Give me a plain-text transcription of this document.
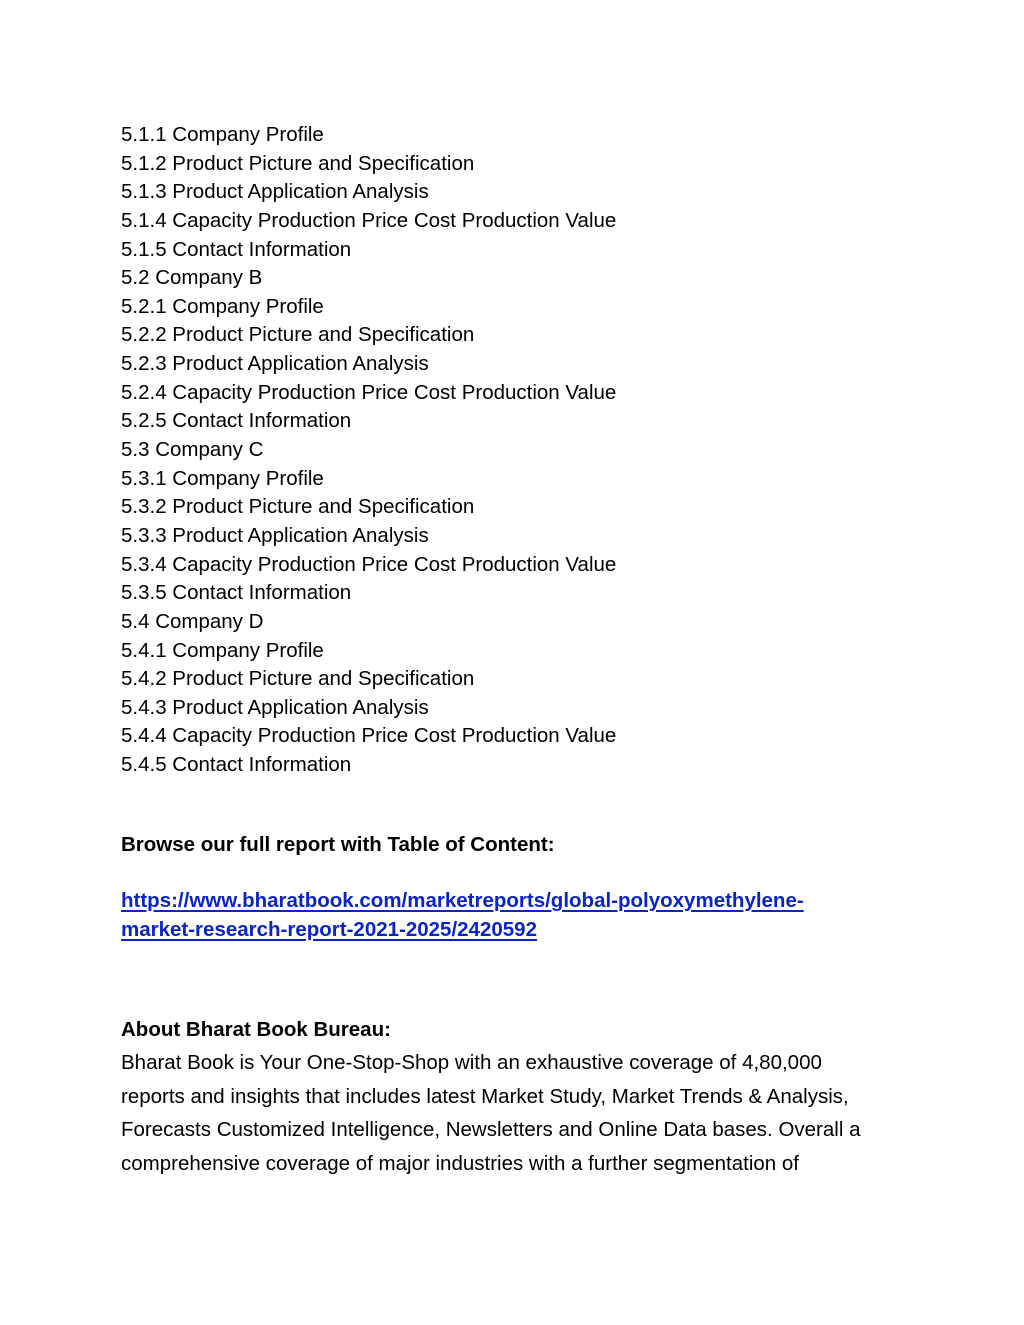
5.1.1 Company Profile
5.1.2 Product Picture and Specification
5.1.3 Product Application Analysis
5.1.4 Capacity Production Price Cost Production Value
5.1.5 Contact Information
5.2 Company B
5.2.1 Company Profile
5.2.2 Product Picture and Specification
5.2.3 Product Application Analysis
5.2.4 Capacity Production Price Cost Production Value
5.2.5 Contact Information
5.3 Company C
5.3.1 Company Profile
5.3.2 Product Picture and Specification
5.3.3 Product Application Analysis
5.3.4 Capacity Production Price Cost Production Value
5.3.5 Contact Information
5.4 Company D
5.4.1 Company Profile
5.4.2 Product Picture and Specification
5.4.3 Product Application Analysis
5.4.4 Capacity Production Price Cost Production Value
5.4.5 Contact Information
Browse our full report with Table of Content:
https://www.bharatbook.com/marketreports/global-polyoxymethylene-
market-research-report-2021-2025/2420592
About Bharat Book Bureau:

Bharat Book is Your One-Stop-Shop with an exhaustive coverage of 4,80,000
reports and insights that includes latest Market Study, Market Trends & Analysis,
Forecasts Customized Intelligence, Newsletters and Online Data bases. Overall a
comprehensive coverage of major industries with a further segmentation of
